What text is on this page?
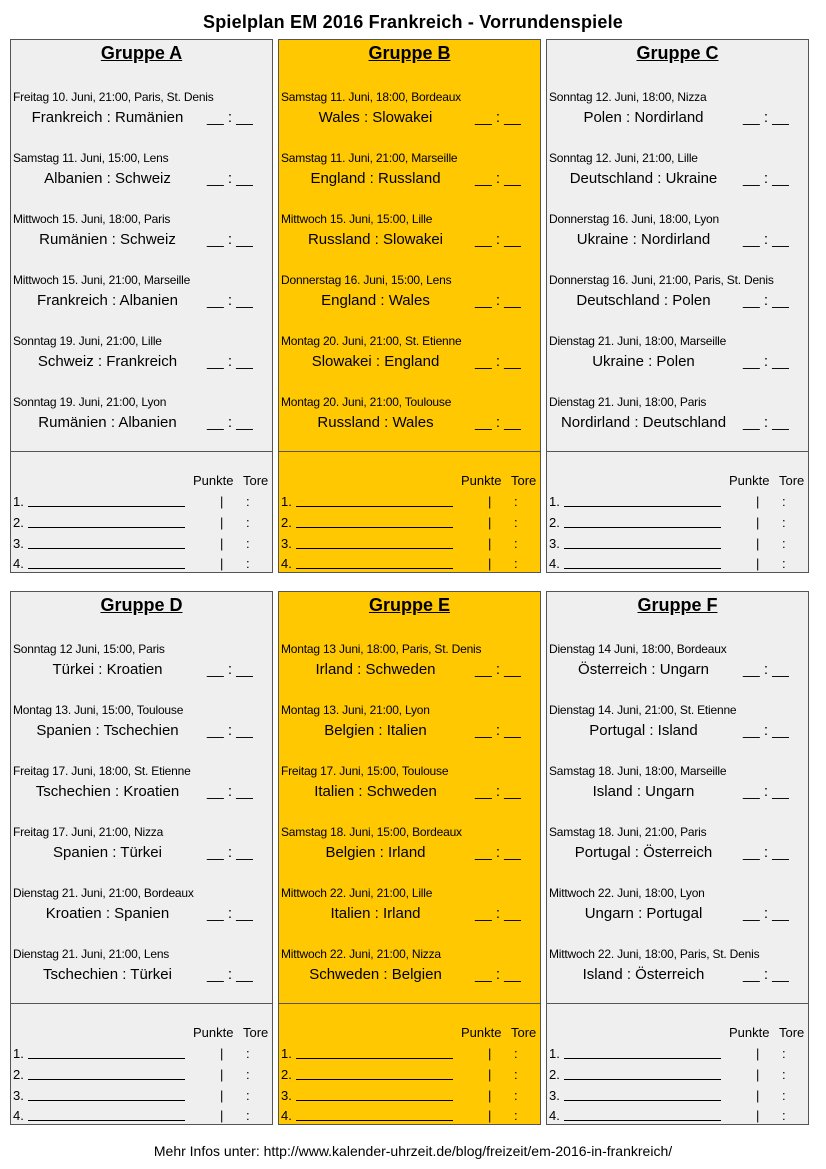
Spielplan EM 2016 Frankreich - Vorrundenspiele
Gruppe A
Freitag 10. Juni, 21:00, Paris, St. Denis
Frankreich : Rumänien	__ : __
Samstag 11. Juni, 15:00, Lens
Albanien : Schweiz	__ : __
Mittwoch 15. Juni, 18:00, Paris
Rumänien : Schweiz	__ : __
Mittwoch 15. Juni, 21:00, Marseille
Frankreich : Albanien	__ : __
Sonntag 19. Juni, 21:00, Lille
Schweiz : Frankreich	__ : __
Sonntag 19. Juni, 21:00, Lyon
Rumänien : Albanien	__ : __
Punkte Tore
1.	| :
2.	| :
3.	| :
4.	| :
Gruppe B
Samstag 11. Juni, 18:00, Bordeaux
Wales : Slowakei	__ : __
Samstag 11. Juni, 21:00, Marseille
England : Russland	__ : __
Mittwoch 15. Juni, 15:00, Lille
Russland : Slowakei	__ : __
Donnerstag 16. Juni, 15:00, Lens
England : Wales	__ : __
Montag 20. Juni, 21:00, St. Etienne
Slowakei : England	__ : __
Montag 20. Juni, 21:00, Toulouse
Russland : Wales	__ : __
Punkte Tore
1.	| :
2.	| :
3.	| :
4.	| :
Gruppe C
Sonntag 12. Juni, 18:00, Nizza
Polen : Nordirland	__ : __
Sonntag 12. Juni, 21:00, Lille
Deutschland : Ukraine	__ : __
Donnerstag 16. Juni, 18:00, Lyon
Ukraine : Nordirland	__ : __
Donnerstag 16. Juni, 21:00, Paris, St. Denis
Deutschland : Polen	__ : __
Dienstag 21. Juni, 18:00, Marseille
Ukraine : Polen	__ : __
Dienstag 21. Juni, 18:00, Paris
Nordirland : Deutschland	__ : __
Punkte Tore
1.	| :
2.	| :
3.	| :
4.	| :
Gruppe D
Sonntag 12 Juni, 15:00, Paris
Türkei : Kroatien	__ : __
Montag 13. Juni, 15:00, Toulouse
Spanien : Tschechien	__ : __
Freitag 17. Juni, 18:00, St. Etienne
Tschechien : Kroatien	__ : __
Freitag 17. Juni, 21:00, Nizza
Spanien : Türkei	__ : __
Dienstag 21. Juni, 21:00, Bordeaux
Kroatien : Spanien	__ : __
Dienstag 21. Juni, 21:00, Lens
Tschechien : Türkei	__ : __
Punkte Tore
1.	| :
2.	| :
3.	| :
4.	| :
Gruppe E
Montag 13 Juni, 18:00, Paris, St. Denis
Irland : Schweden	__ : __
Montag 13. Juni, 21:00, Lyon
Belgien : Italien	__ : __
Freitag 17. Juni, 15:00, Toulouse
Italien : Schweden	__ : __
Samstag 18. Juni, 15:00, Bordeaux
Belgien : Irland	__ : __
Mittwoch 22. Juni, 21:00, Lille
Italien : Irland	__ : __
Mittwoch 22. Juni, 21:00, Nizza
Schweden : Belgien	__ : __
Punkte Tore
1.	| :
2.	| :
3.	| :
4.	| :
Gruppe F
Dienstag 14 Juni, 18:00, Bordeaux
Österreich : Ungarn	__ : __
Dienstag 14. Juni, 21:00, St. Etienne
Portugal : Island	__ : __
Samstag 18. Juni, 18:00, Marseille
Island : Ungarn	__ : __
Samstag 18. Juni, 21:00, Paris
Portugal : Österreich	__ : __
Mittwoch 22. Juni, 18:00, Lyon
Ungarn : Portugal	__ : __
Mittwoch 22. Juni, 18:00, Paris, St. Denis
Island : Österreich	__ : __
Punkte Tore
1.	| :
2.	| :
3.	| :
4.	| :
Mehr Infos unter: http://www.kalender-uhrzeit.de/blog/freizeit/em-2016-in-frankreich/
